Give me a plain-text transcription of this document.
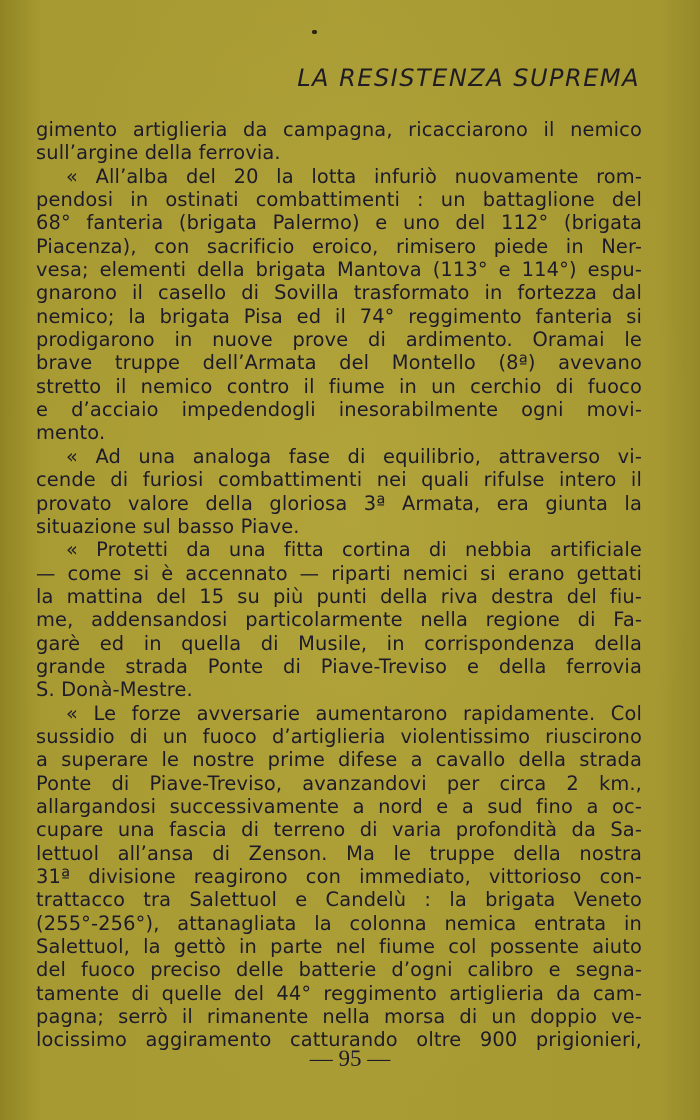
LA RESISTENZA SUPREMA
gimento artiglieria da campagna, ricacciarono il nemico
sull’argine della ferrovia.
« All’alba del 20 la lotta infuriò nuovamente rom-
pendosi in ostinati combattimenti : un battaglione del
68° fanteria (brigata Palermo) e uno del 112° (brigata
Piacenza), con sacrificio eroico, rimisero piede in Ner-
vesa; elementi della brigata Mantova (113° e 114°) espu-
gnarono il casello di Sovilla trasformato in fortezza dal
nemico; la brigata Pisa ed il 74° reggimento fanteria si
prodigarono in nuove prove di ardimento. Oramai le
brave truppe dell’Armata del Montello (8ª) avevano
stretto il nemico contro il fiume in un cerchio di fuoco
e d’acciaio impedendogli inesorabilmente ogni movi-
mento.
« Ad una analoga fase di equilibrio, attraverso vi-
cende di furiosi combattimenti nei quali rifulse intero il
provato valore della gloriosa 3ª Armata, era giunta la
situazione sul basso Piave.
« Protetti da una fitta cortina di nebbia artificiale
— come si è accennato — riparti nemici si erano gettati
la mattina del 15 su più punti della riva destra del fiu-
me, addensandosi particolarmente nella regione di Fa-
garè ed in quella di Musile, in corrispondenza della
grande strada Ponte di Piave-Treviso e della ferrovia
S. Donà-Mestre.
« Le forze avversarie aumentarono rapidamente. Col
sussidio di un fuoco d’artiglieria violentissimo riuscirono
a superare le nostre prime difese a cavallo della strada
Ponte di Piave-Treviso, avanzandovi per circa 2 km.,
allargandosi successivamente a nord e a sud fino a oc-
cupare una fascia di terreno di varia profondità da Sa-
lettuol all’ansa di Zenson. Ma le truppe della nostra
31ª divisione reagirono con immediato, vittorioso con-
trattacco tra Salettuol e Candelù : la brigata Veneto
(255°-256°), attanagliata la colonna nemica entrata in
Salettuol, la gettò in parte nel fiume col possente aiuto
del fuoco preciso delle batterie d’ogni calibro e segna-
tamente di quelle del 44° reggimento artiglieria da cam-
pagna; serrò il rimanente nella morsa di un doppio ve-
locissimo aggiramento catturando oltre 900 prigionieri,

— 95 —
